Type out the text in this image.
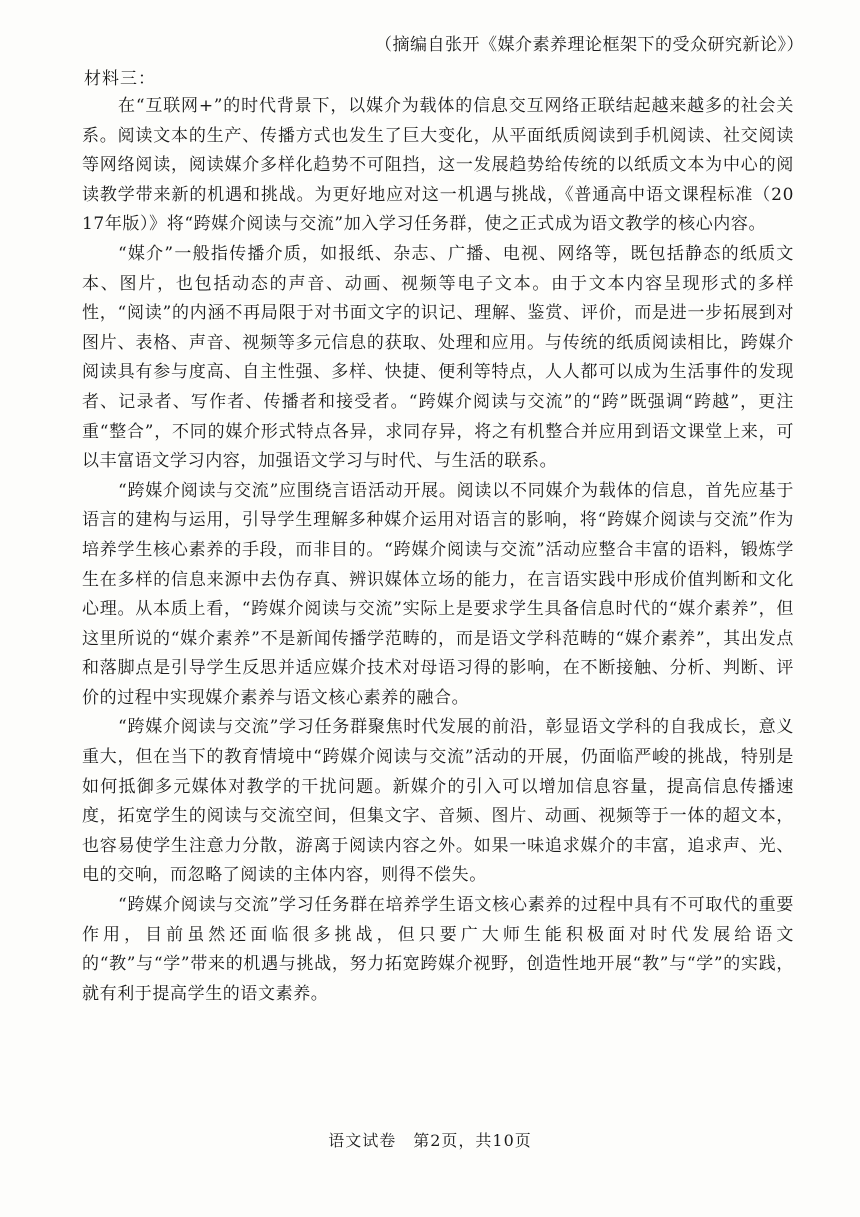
（摘编自张开《媒介素养理论框架下的受众研究新论》）
材料三：

在“互联网+”的时代背景下，以媒介为载体的信息交互网络正联结起越来越多的社会关系。阅读文本的生产、传播方式也发生了巨大变化，从平面纸质阅读到手机阅读、社交阅读等网络阅读，阅读媒介多样化趋势不可阻挡，这一发展趋势给传统的以纸质文本为中心的阅读教学带来新的机遇和挑战。为更好地应对这一机遇与挑战，《普通高中语文课程标准（2017年版）》将“跨媒介阅读与交流”加入学习任务群，使之正式成为语文教学的核心内容。

“媒介”一般指传播介质，如报纸、杂志、广播、电视、网络等，既包括静态的纸质文本、图片，也包括动态的声音、动画、视频等电子文本。由于文本内容呈现形式的多样性，“阅读”的内涵不再局限于对书面文字的识记、理解、鉴赏、评价，而是进一步拓展到对图片、表格、声音、视频等多元信息的获取、处理和应用。与传统的纸质阅读相比，跨媒介阅读具有参与度高、自主性强、多样、快捷、便利等特点，人人都可以成为生活事件的发现者、记录者、写作者、传播者和接受者。“跨媒介阅读与交流”的“跨”既强调“跨越”，更注重“整合”，不同的媒介形式特点各异，求同存异，将之有机整合并应用到语文课堂上来，可以丰富语文学习内容，加强语文学习与时代、与生活的联系。

“跨媒介阅读与交流”应围绕言语活动开展。阅读以不同媒介为载体的信息，首先应基于语言的建构与运用，引导学生理解多种媒介运用对语言的影响，将“跨媒介阅读与交流”作为培养学生核心素养的手段，而非目的。“跨媒介阅读与交流”活动应整合丰富的语料，锻炼学生在多样的信息来源中去伪存真、辨识媒体立场的能力，在言语实践中形成价值判断和文化心理。从本质上看，“跨媒介阅读与交流”实际上是要求学生具备信息时代的“媒介素养”，但这里所说的“媒介素养”不是新闻传播学范畴的，而是语文学科范畴的“媒介素养”，其出发点和落脚点是引导学生反思并适应媒介技术对母语习得的影响，在不断接触、分析、判断、评价的过程中实现媒介素养与语文核心素养的融合。

“跨媒介阅读与交流”学习任务群聚焦时代发展的前沿，彰显语文学科的自我成长，意义重大，但在当下的教育情境中“跨媒介阅读与交流”活动的开展，仍面临严峻的挑战，特别是如何抵御多元媒体对教学的干扰问题。新媒介的引入可以增加信息容量，提高信息传播速度，拓宽学生的阅读与交流空间，但集文字、音频、图片、动画、视频等于一体的超文本，也容易使学生注意力分散，游离于阅读内容之外。如果一味追求媒介的丰富，追求声、光、电的交响，而忽略了阅读的主体内容，则得不偿失。

“跨媒介阅读与交流”学习任务群在培养学生语文核心素养的过程中具有不可取代的重要作用，目前虽然还面临很多挑战，但只要广大师生能积极面对时代发展给语文的“教”与“学”带来的机遇与挑战，努力拓宽跨媒介视野，创造性地开展“教”与“学”的实践，就有利于提高学生的语文素养。

语文试卷　第2页，共10页
